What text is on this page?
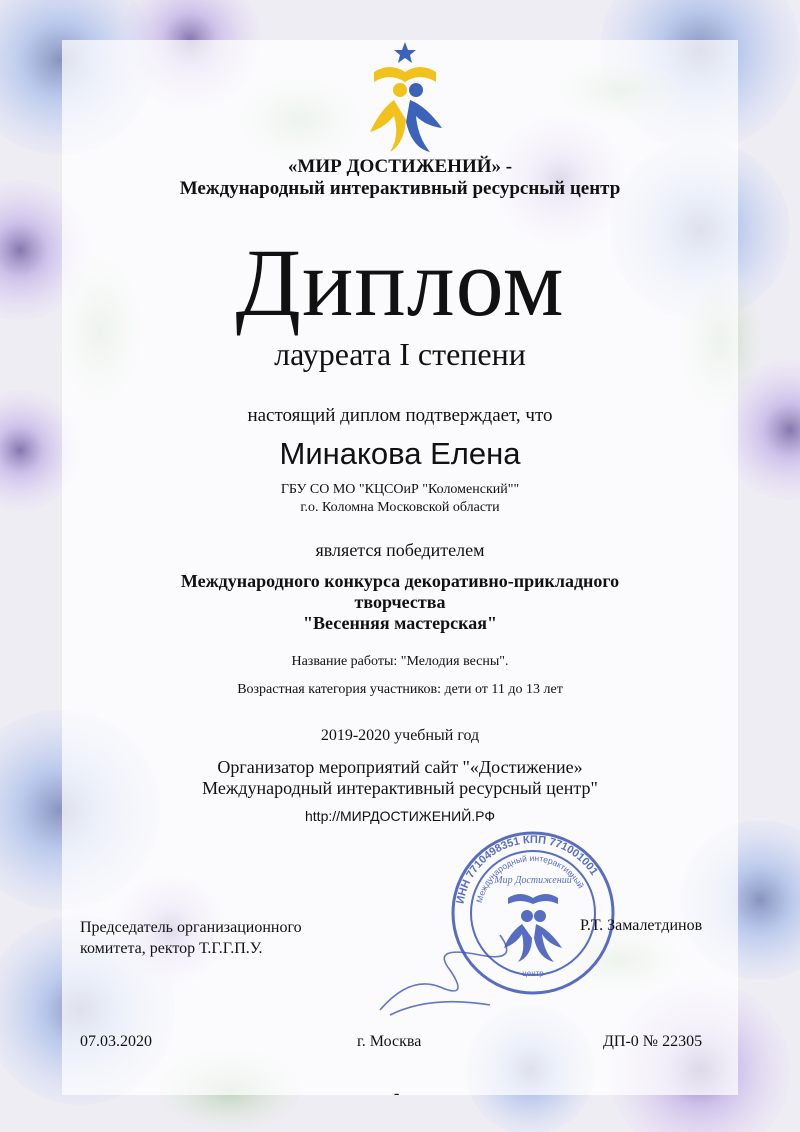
«МИР ДОСТИЖЕНИЙ» -
Международный интерактивный ресурсный центр
Диплом
лауреата I степени
настоящий диплом подтверждает, что
Минакова Елена
ГБУ СО МО "КЦСОиР "Коломенский""
г.о. Коломна Московской области
является победителем
Международного конкурса декоративно-прикладного
творчества
"Весенняя мастерская"
Название работы: "Мелодия весны".
Возрастная категория участников: дети от 11 до 13 лет
2019-2020 учебный год
Организатор мероприятий сайт "«Достижение»
Международный интерактивный ресурсный центр"
http://МИРДОСТИЖЕНИЙ.РФ
ИНН 7710498351 КПП 771001001
Международный интерактивный
Мир Достижений
центр
Председатель организационного
комитета, ректор Т.Г.Г.П.У.
Р.Т. Замалетдинов
07.03.2020	г. Москва	ДП-0 № 22305
-
